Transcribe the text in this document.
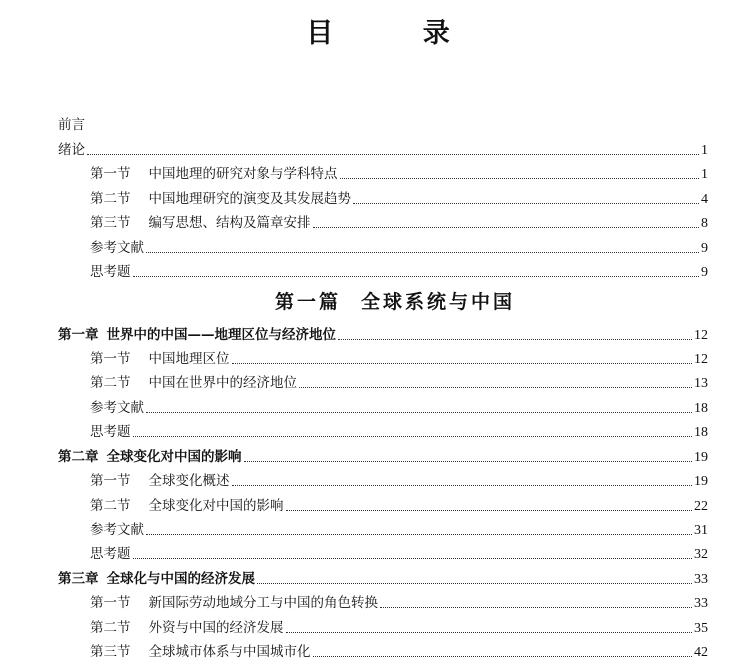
目 录
前言
绪论	1
第一节 中国地理的研究对象与学科特点	1
第二节 中国地理研究的演变及其发展趋势	4
第三节 编写思想、结构及篇章安排	8
参考文献	9
思考题	9
第一篇 全球系统与中国
第一章 世界中的中国——地理区位与经济地位	12
第一节 中国地理区位	12
第二节 中国在世界中的经济地位	13
参考文献	18
思考题	18
第二章 全球变化对中国的影响	19
第一节 全球变化概述	19
第二节 全球变化对中国的影响	22
参考文献	31
思考题	32
第三章 全球化与中国的经济发展	33
第一节 新国际劳动地域分工与中国的角色转换	33
第二节 外资与中国的经济发展	35
第三节 全球城市体系与中国城市化	42
